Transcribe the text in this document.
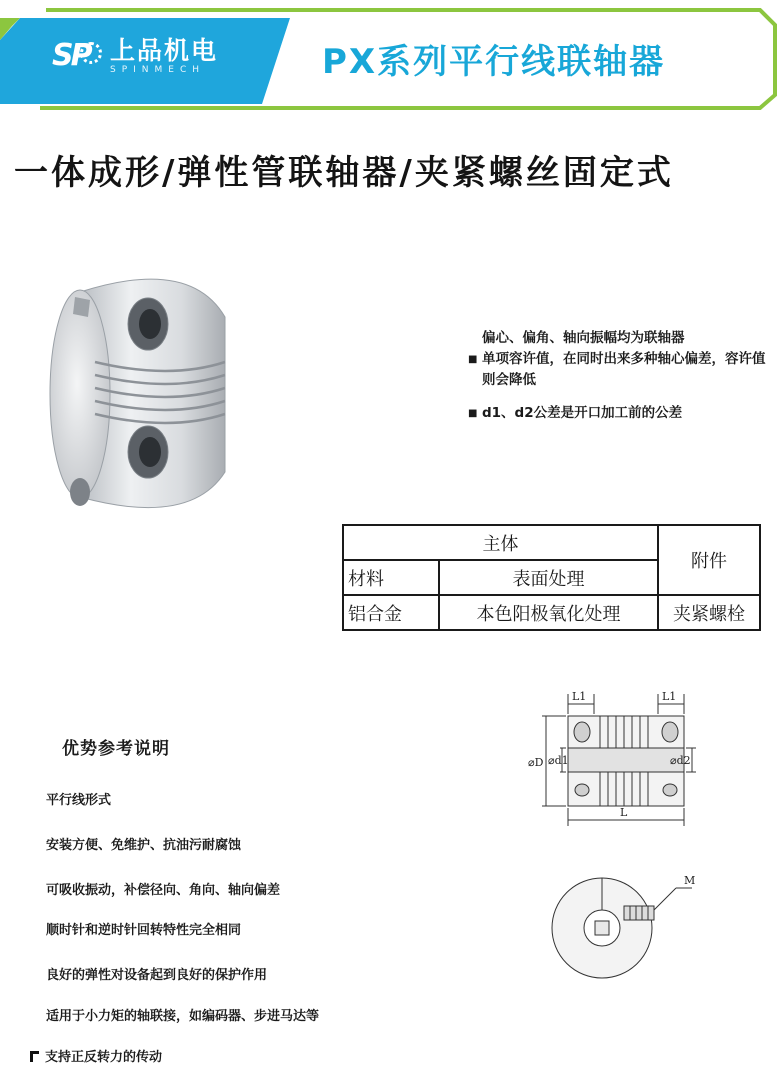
SP 上品机电
SPINMECH	PX系列平行线联轴器
一体成形/弹性管联轴器/夹紧螺丝固定式
偏心、偏角、轴向振幅均为联轴器
■ 单项容许值，在同时出来多种轴心偏差，容许值则会降低
■ d1、d2公差是开口加工前的公差
主体		附件
材料	表面处理	
铝合金	本色阳极氧化处理	夹紧螺栓
优势参考说明
平行线形式
安装方便、免维护、抗油污耐腐蚀
可吸收振动，补偿径向、角向、轴向偏差
顺时针和逆时针回转特性完全相同
良好的弹性对设备起到良好的保护作用
适用于小力矩的轴联接，如编码器、步进马达等
支持正反转力的传动
L1	L1
⌀D ⌀d1	⌀d2
L
M
